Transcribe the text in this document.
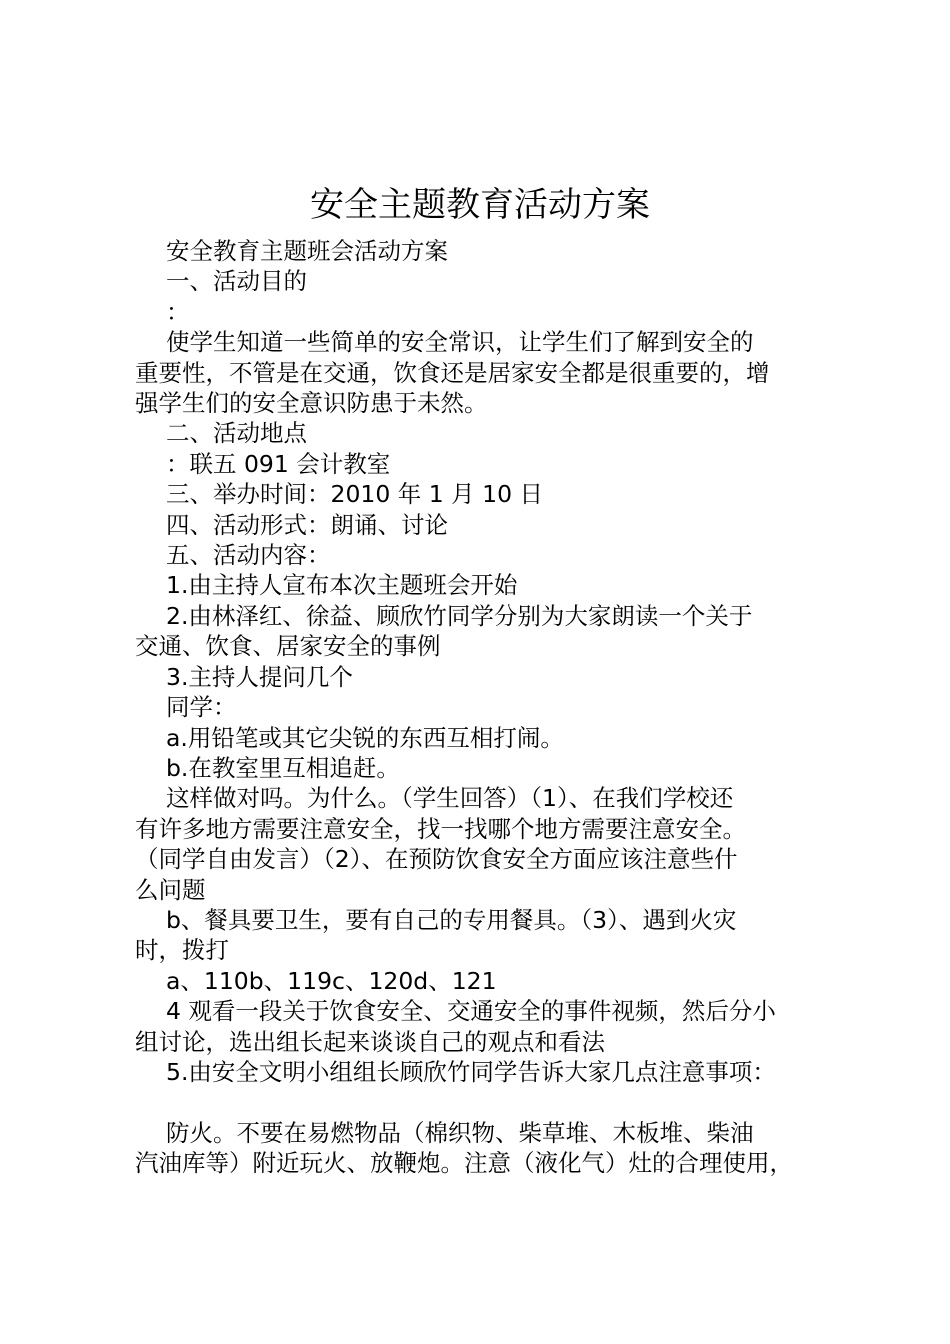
安全主题教育活动方案

安全教育主题班会活动方案

一、活动目的

：

使学生知道一些简单的安全常识，让学生们了解到安全的

重要性，不管是在交通，饮食还是居家安全都是很重要的，增

强学生们的安全意识防患于未然。

二、活动地点

：联五 091 会计教室

三、举办时间：2010 年 1 月 10 日

四、活动形式：朗诵、讨论

五、活动内容：

1.由主持人宣布本次主题班会开始

2.由林泽红、徐益、顾欣竹同学分别为大家朗读一个关于

交通、饮食、居家安全的事例

3.主持人提问几个

同学：

a.用铅笔或其它尖锐的东西互相打闹。

b.在教室里互相追赶。

这样做对吗。为什么。（学生回答）（1）、在我们学校还

有许多地方需要注意安全，找一找哪个地方需要注意安全。

（同学自由发言）（2）、在预防饮食安全方面应该注意些什

么问题

b、餐具要卫生，要有自己的专用餐具。（3）、遇到火灾

时，拨打

a、110b、119c、120d、121

4 观看一段关于饮食安全、交通安全的事件视频，然后分小

组讨论，选出组长起来谈谈自己的观点和看法

5.由安全文明小组组长顾欣竹同学告诉大家几点注意事项：

防火。不要在易燃物品（棉织物、柴草堆、木板堆、柴油

汽油库等）附近玩火、放鞭炮。注意（液化气）灶的合理使用，
